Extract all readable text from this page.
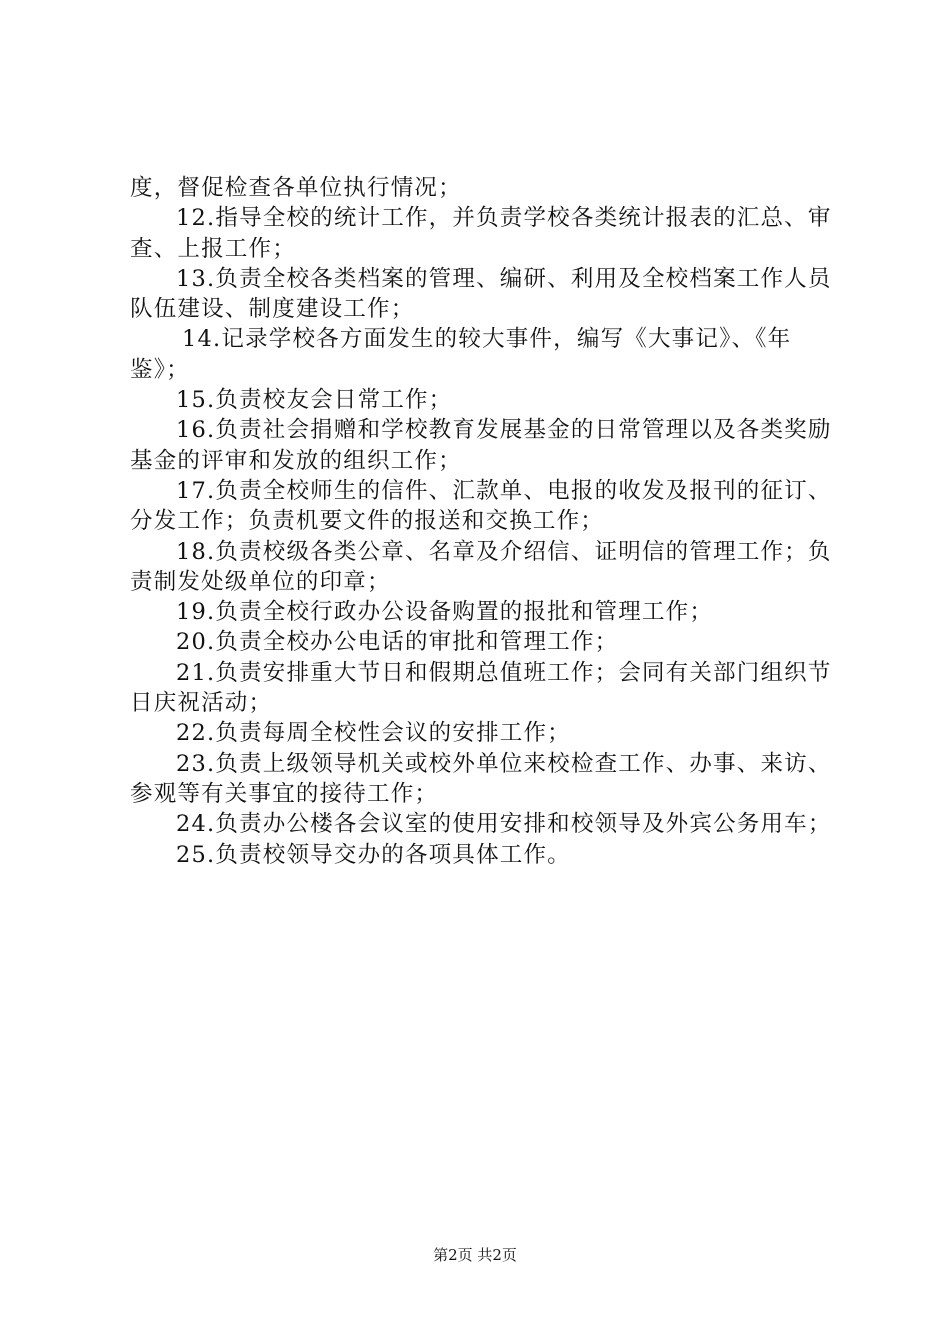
度，督促检查各单位执行情况；

12.指导全校的统计工作，并负责学校各类统计报表的汇总、审查、上报工作；

13.负责全校各类档案的管理、编研、利用及全校档案工作人员队伍建设、制度建设工作；

14.记录学校各方面发生的较大事件，编写《大事记》、《年鉴》；

15.负责校友会日常工作；

16.负责社会捐赠和学校教育发展基金的日常管理以及各类奖励基金的评审和发放的组织工作；

17.负责全校师生的信件、汇款单、电报的收发及报刊的征订、分发工作；负责机要文件的报送和交换工作；

18.负责校级各类公章、名章及介绍信、证明信的管理工作；负责制发处级单位的印章；

19.负责全校行政办公设备购置的报批和管理工作；

20.负责全校办公电话的审批和管理工作；

21.负责安排重大节日和假期总值班工作；会同有关部门组织节日庆祝活动；

22.负责每周全校性会议的安排工作；

23.负责上级领导机关或校外单位来校检查工作、办事、来访、参观等有关事宜的接待工作；

24.负责办公楼各会议室的使用安排和校领导及外宾公务用车；

25.负责校领导交办的各项具体工作。

第2页 共2页
